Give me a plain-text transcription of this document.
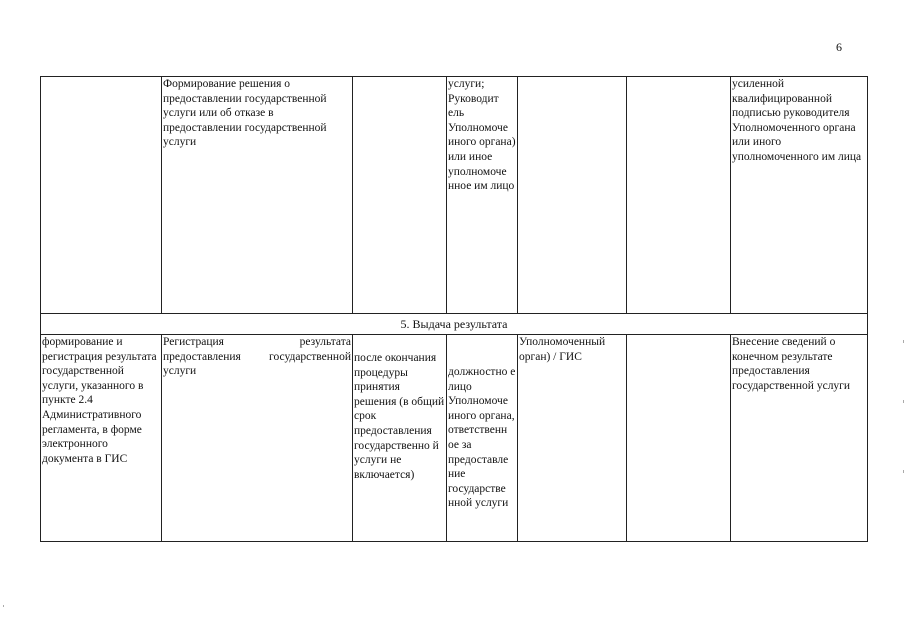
6
	Формирование решения о предоставлении государственной услуги или об отказе в предоставлении государственной услуги		услуги; Руководит ель Уполномоче иного органа) или иное уполномоче нное им лицо			усиленной квалифицированной подписью руководителя Уполномоченного органа или иного уполномоченного им лица
5. Выдача результата						
формирование и регистрация результата государственной услуги, указанного в пункте 2.4 Административного регламента, в форме электронного документа в ГИС	Регистрация результата
предоставления государственной
услуги	после окончания процедуры принятия решения (в общий срок предоставления государственно й услуги не включается)	должностно е лицо Уполномоче иного органа, ответственн ое за предоставле ние государстве нной услуги	Уполномоченный орган) / ГИС		Внесение сведений о конечном результате предоставления государственной услуги
